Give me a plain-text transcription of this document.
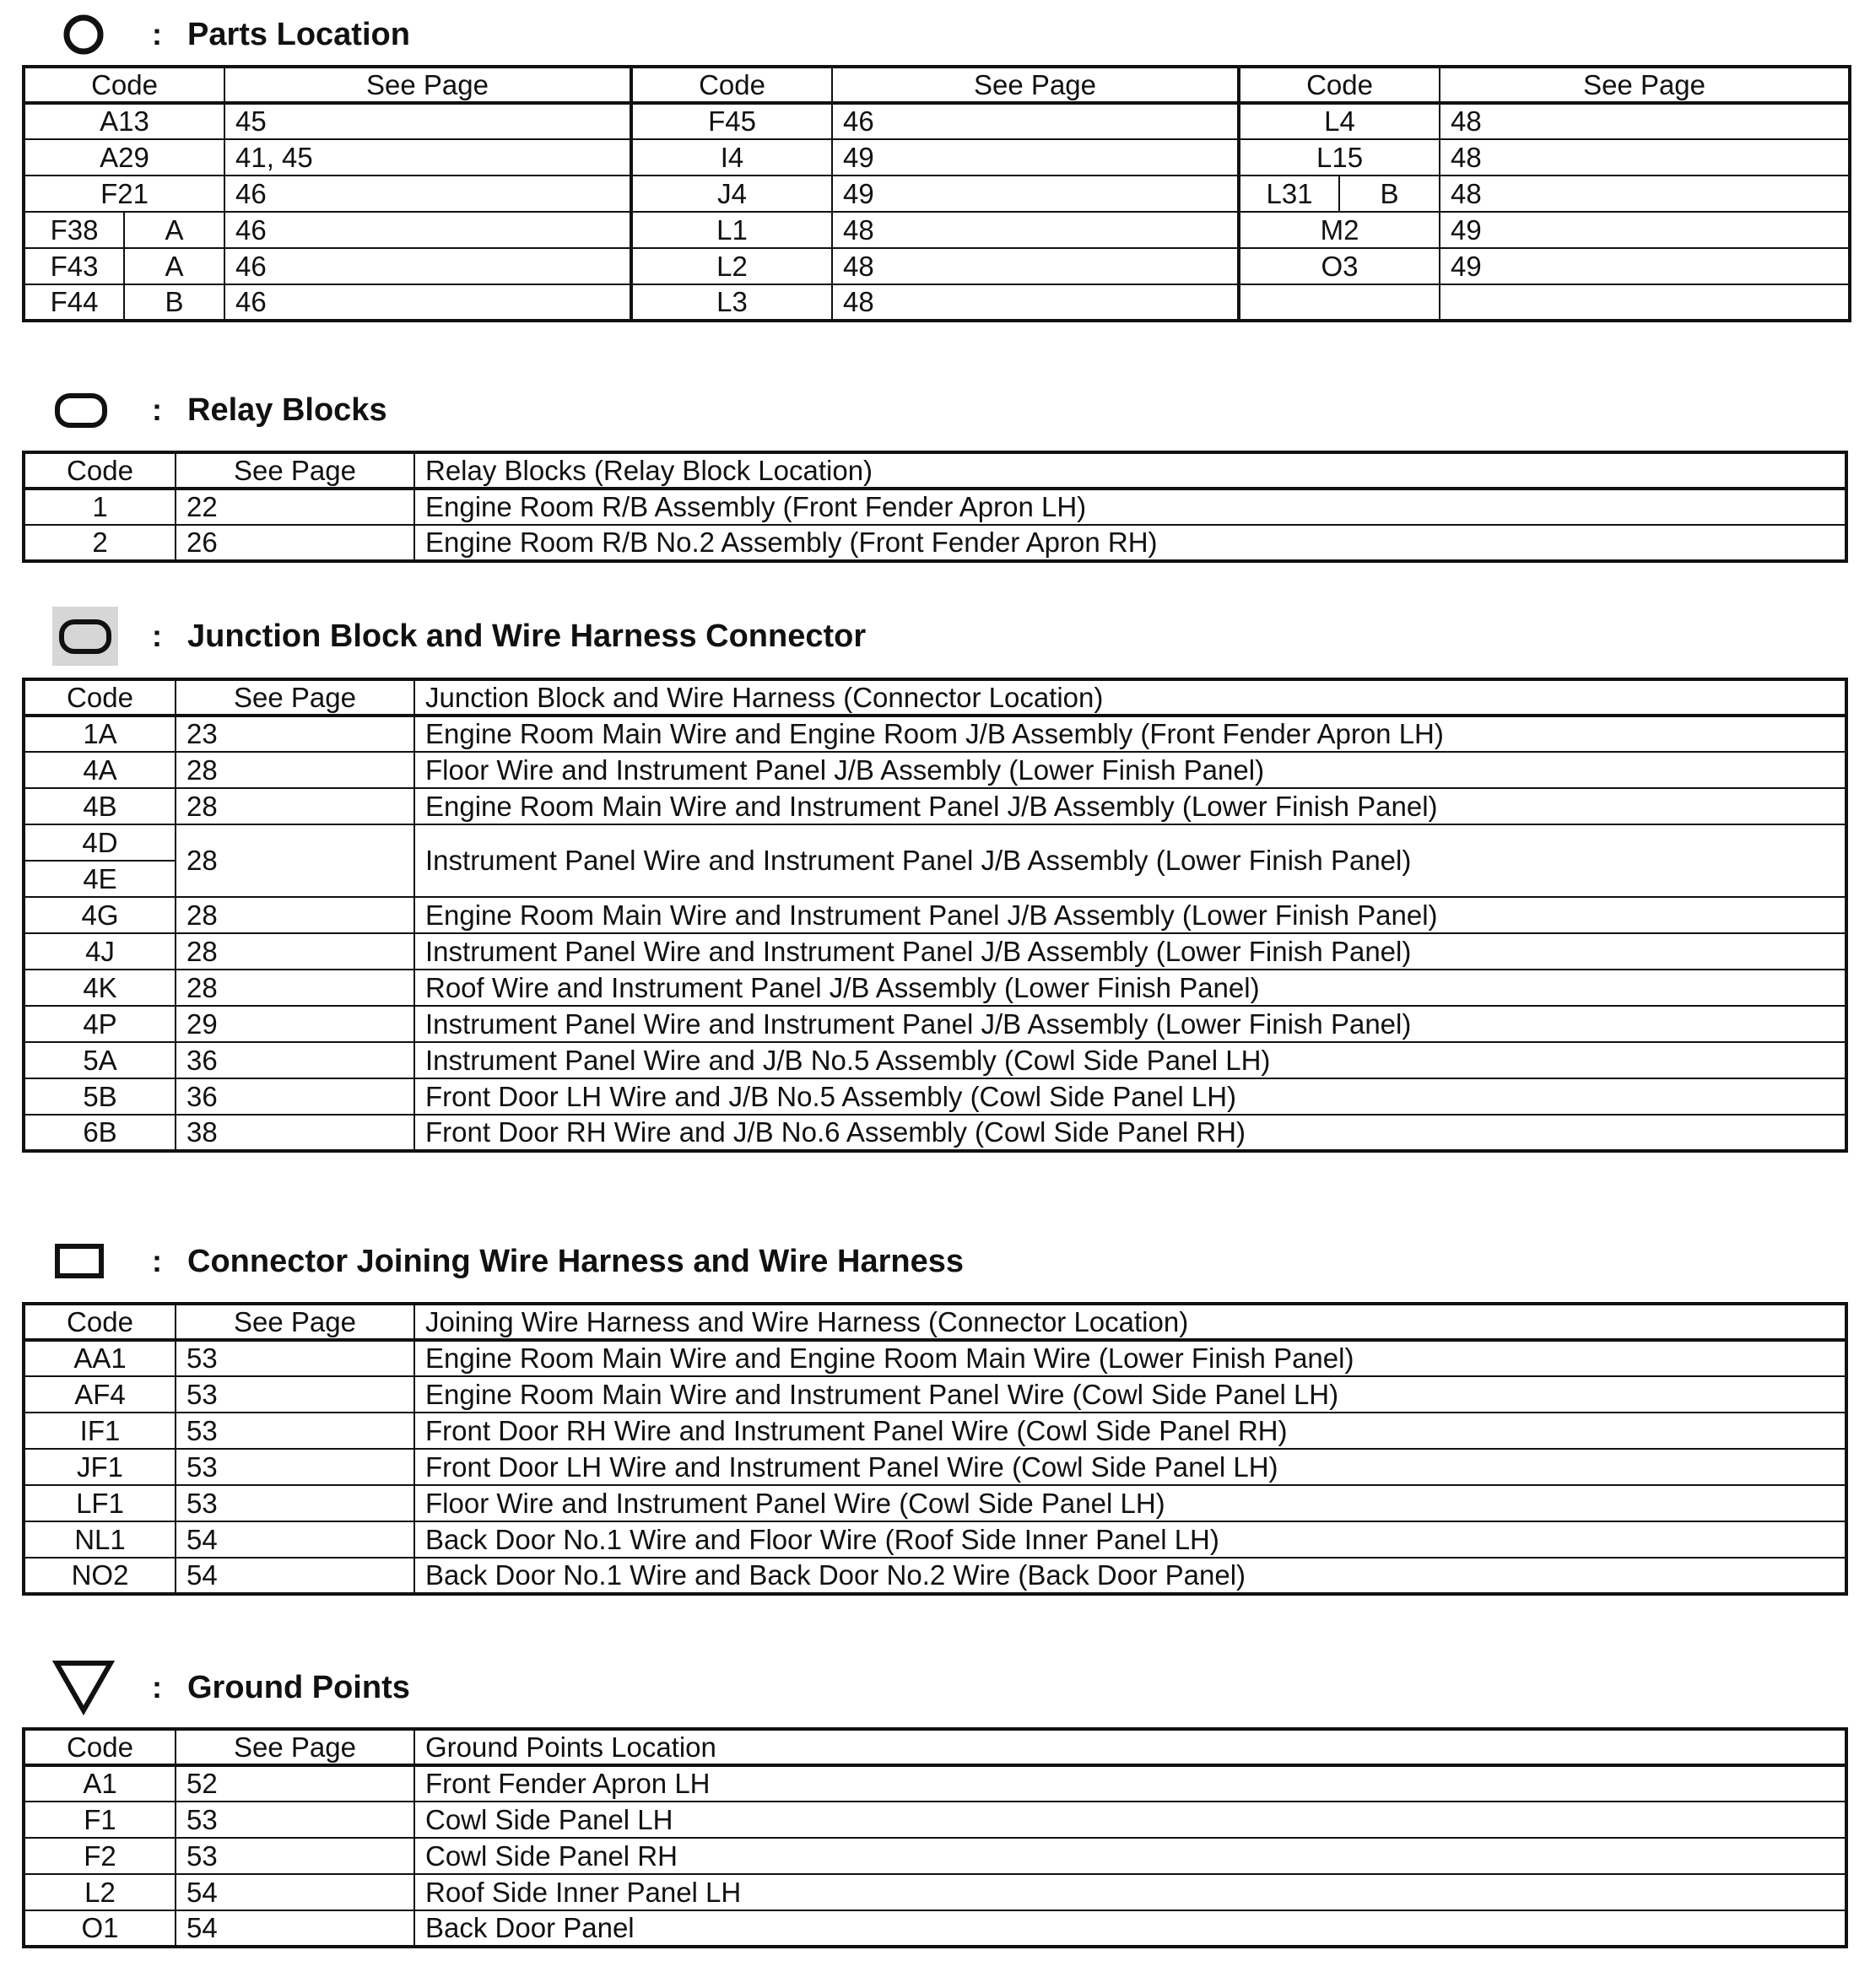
: Parts Location
Code		See Page	Code	See Page	Code		See Page
A13		45	F45	46	L4		48
A29		41, 45	I4	49	L15		48
F21		46	J4	49	L31	B	48
F38	A	46	L1	48	M2		49
F43	A	46	L2	48	O3		49
F44	B	46	L3	48			
: Relay Blocks
Code	See Page	Relay Blocks (Relay Block Location)
1	22	Engine Room R/B Assembly (Front Fender Apron LH)
2	26	Engine Room R/B No.2 Assembly (Front Fender Apron RH)
: Junction Block and Wire Harness Connector
Code	See Page	Junction Block and Wire Harness (Connector Location)
1A	23	Engine Room Main Wire and Engine Room J/B Assembly (Front Fender Apron LH)
4A	28	Floor Wire and Instrument Panel J/B Assembly (Lower Finish Panel)
4B	28	Engine Room Main Wire and Instrument Panel J/B Assembly (Lower Finish Panel)
4D	28	Instrument Panel Wire and Instrument Panel J/B Assembly (Lower Finish Panel)
4E		
4G	28	Engine Room Main Wire and Instrument Panel J/B Assembly (Lower Finish Panel)
4J	28	Instrument Panel Wire and Instrument Panel J/B Assembly (Lower Finish Panel)
4K	28	Roof Wire and Instrument Panel J/B Assembly (Lower Finish Panel)
4P	29	Instrument Panel Wire and Instrument Panel J/B Assembly (Lower Finish Panel)
5A	36	Instrument Panel Wire and J/B No.5 Assembly (Cowl Side Panel LH)
5B	36	Front Door LH Wire and J/B No.5 Assembly (Cowl Side Panel LH)
6B	38	Front Door RH Wire and J/B No.6 Assembly (Cowl Side Panel RH)
: Connector Joining Wire Harness and Wire Harness
Code	See Page	Joining Wire Harness and Wire Harness (Connector Location)
AA1	53	Engine Room Main Wire and Engine Room Main Wire (Lower Finish Panel)
AF4	53	Engine Room Main Wire and Instrument Panel Wire (Cowl Side Panel LH)
IF1	53	Front Door RH Wire and Instrument Panel Wire (Cowl Side Panel RH)
JF1	53	Front Door LH Wire and Instrument Panel Wire (Cowl Side Panel LH)
LF1	53	Floor Wire and Instrument Panel Wire (Cowl Side Panel LH)
NL1	54	Back Door No.1 Wire and Floor Wire (Roof Side Inner Panel LH)
NO2	54	Back Door No.1 Wire and Back Door No.2 Wire (Back Door Panel)
: Ground Points
Code	See Page	Ground Points Location
A1	52	Front Fender Apron LH
F1	53	Cowl Side Panel LH
F2	53	Cowl Side Panel RH
L2	54	Roof Side Inner Panel LH
O1	54	Back Door Panel
